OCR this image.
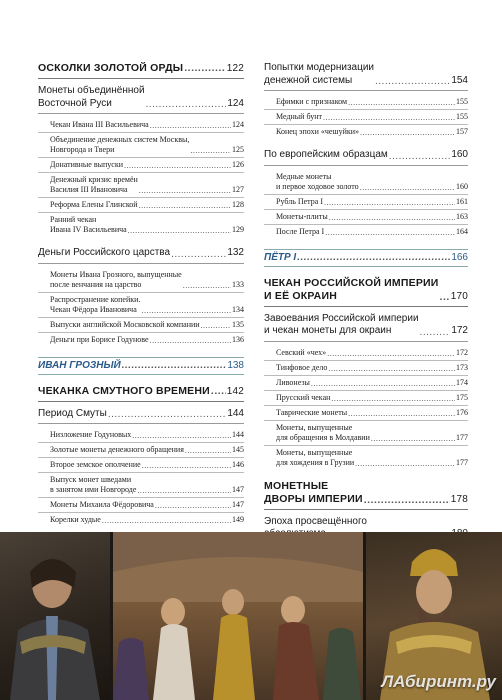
ОСКОЛКИ ЗОЛОТОЙ ОРДЫ .....	122
Монеты объединённой
Восточной Руси .....	124
Чекан Ивана III Васильевича .....	124
Объединение денежных систем Москвы,
Новгорода и Твери .....	125
Донативные выпуски .....	126
Денежный кризис времён
Василия III Ивановича .....	127
Реформа Елены Глинской .....	128
Ранний чекан
Ивана IV Васильевича .....	129
Деньги Российского царства .....	132
Монеты Ивана Грозного, выпущенные
после венчания на царство .....	133
Распространение копейки.
Чекан Фёдора Ивановича .....	134
Выпуски английской Московской компании .....	135
Деньги при Борисе Годунове .....	136
ИВАН ГРОЗНЫЙ .....	138
ЧЕКАНКА СМУТНОГО ВРЕМЕНИ ..... 142
Период Смуты .....	144
Низложение Годуновых .....	144
Золотые монеты денежного обращения .....	145
Второе земское ополчение .....	146
Выпуск монет шведами
в занятом ими Новгороде .....	147
Монеты Михаила Фёдоровича .....	147
Корелки худые .....	149
.....
Попытки модернизации
денежной системы .....	154
Ефимки с признаком .....	155
Медный бунт .....	155
Конец эпохи «чешуйки» .....	157
По европейским образцам .....	160
Медные монеты
и первое ходовое золото .....	160
Рубль Петра I .....	161
Монеты-плиты .....	163
После Петра I .....	164
ПЁТР I .....	166
ЧЕКАН РОССИЙСКОЙ ИМПЕРИИ
И ЕЁ ОКРАИН .....	170
Завоевания Российской империи
и чекан монеты для окраин .....	172
Севский «чех» .....	172
Тинфовое дело .....	173
Ливонезы .....	174
Прусский чекан .....	175
Таврические монеты .....	176
Монеты, выпущенные
для обращения в Молдавии .....	177
Монеты, выпущенные
для хождения в Грузии .....	177
МОНЕТНЫЕ
ДВОРЫ ИМПЕРИИ .....	178
Эпоха просвещённого

.....
ЛАбиринт.ру
